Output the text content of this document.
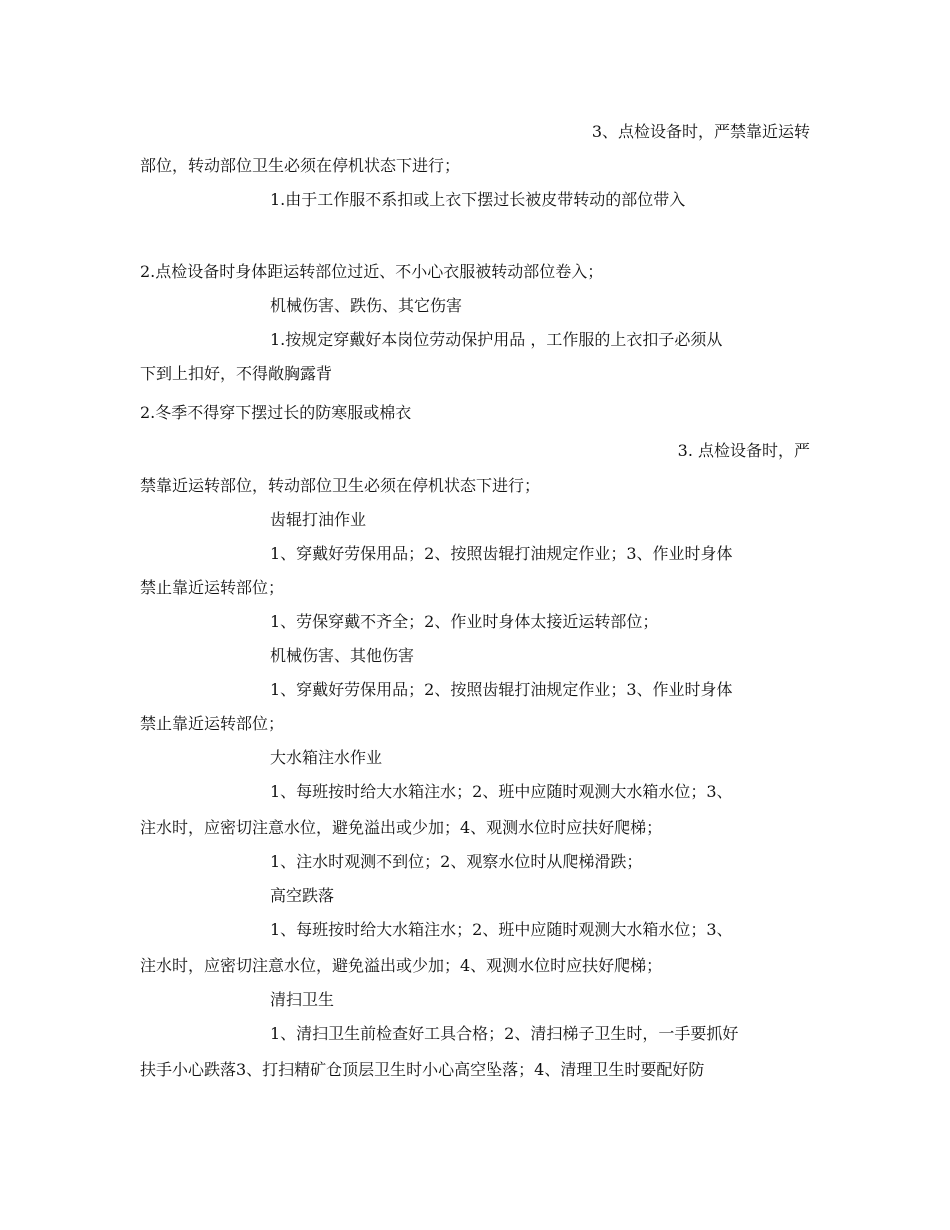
3、点检设备时，严禁靠近运转
部位，转动部位卫生必须在停机状态下进行；
1.由于工作服不系扣或上衣下摆过长被皮带转动的部位带入
2.点检设备时身体距运转部位过近、不小心衣服被转动部位卷入；
机械伤害、跌伤、其它伤害
1.按规定穿戴好本岗位劳动保护用品 ，工作服的上衣扣子必须从
下到上扣好，不得敞胸露背
2.冬季不得穿下摆过长的防寒服或棉衣
3. 点检设备时，严
禁靠近运转部位，转动部位卫生必须在停机状态下进行；
齿辊打油作业
1、穿戴好劳保用品；2、按照齿辊打油规定作业；3、作业时身体
禁止靠近运转部位；
1、劳保穿戴不齐全；2、作业时身体太接近运转部位；
机械伤害、其他伤害
1、穿戴好劳保用品；2、按照齿辊打油规定作业；3、作业时身体
禁止靠近运转部位；
大水箱注水作业
1、每班按时给大水箱注水；2、班中应随时观测大水箱水位；3、
注水时，应密切注意水位，避免溢出或少加；4、观测水位时应扶好爬梯；
1、注水时观测不到位；2、观察水位时从爬梯滑跌；
高空跌落
1、每班按时给大水箱注水；2、班中应随时观测大水箱水位；3、
注水时，应密切注意水位，避免溢出或少加；4、观测水位时应扶好爬梯；
清扫卫生
1、清扫卫生前检查好工具合格；2、清扫梯子卫生时，一手要抓好
扶手小心跌落3、打扫精矿仓顶层卫生时小心高空坠落；4、清理卫生时要配好防
